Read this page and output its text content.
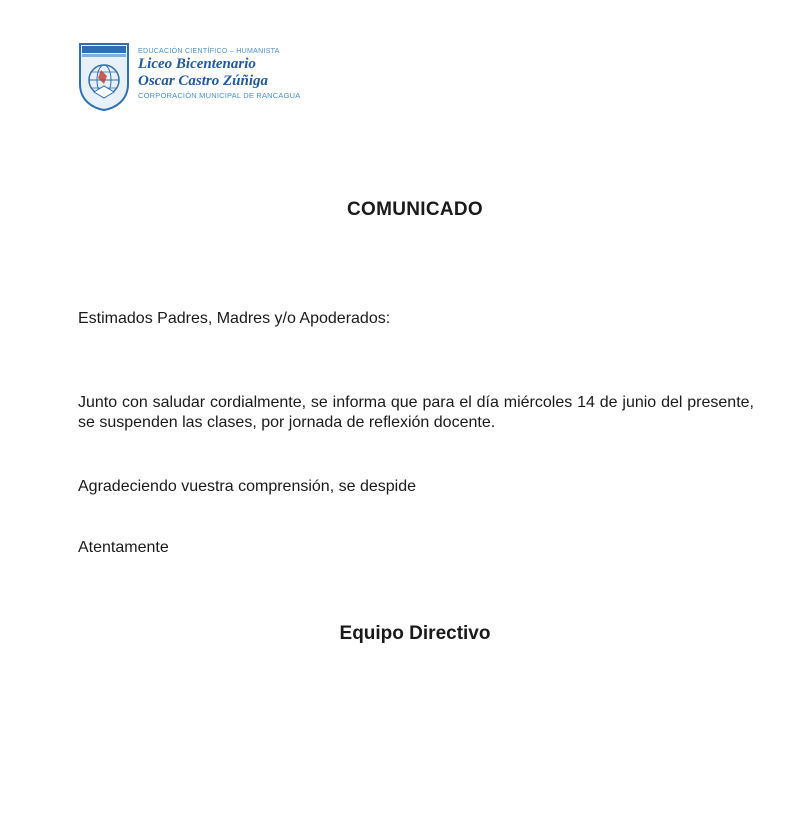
EDUCACIÓN CIENTÍFICO – HUMANISTA
Liceo Bicentenario
Oscar Castro Zúñiga
CORPORACIÓN MUNICIPAL DE RANCAGUA
COMUNICADO
Estimados Padres, Madres y/o Apoderados:
Junto con saludar cordialmente, se informa que para el día miércoles 14 de junio del presente, se suspenden las clases, por jornada de reflexión docente.
Agradeciendo vuestra comprensión, se despide
Atentamente
Equipo Directivo
